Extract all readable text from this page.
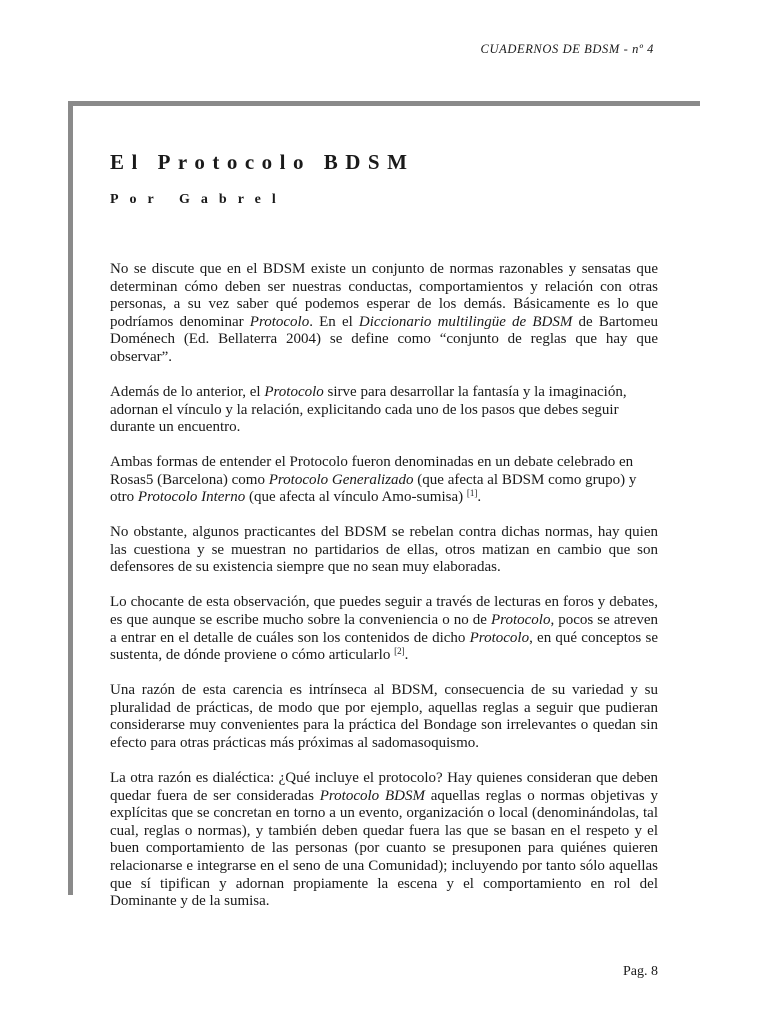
CUADERNOS DE BDSM - nº 4
El Protocolo BDSM
Por Gabrel

No se discute que en el BDSM existe un conjunto de normas razonables y sensatas que determinan cómo deben ser nuestras conductas, comportamientos y relación con otras personas, a su vez saber qué podemos esperar de los demás. Básicamente es lo que podríamos denominar Protocolo. En el Diccionario multilingüe de BDSM de Bartomeu Doménech (Ed. Bellaterra 2004) se define como “conjunto de reglas que hay que observar”.

Además de lo anterior, el Protocolo sirve para desarrollar la fantasía y la imaginación, adornan el vínculo y la relación, explicitando cada uno de los pasos que debes seguir durante un encuentro.

Ambas formas de entender el Protocolo fueron denominadas en un debate celebrado en Rosas5 (Barcelona) como Protocolo Generalizado (que afecta al BDSM como grupo) y otro Protocolo Interno (que afecta al vínculo Amo-sumisa) [1].

No obstante, algunos practicantes del BDSM se rebelan contra dichas normas, hay quien las cuestiona y se muestran no partidarios de ellas, otros matizan en cambio que son defensores de su existencia siempre que no sean muy elaboradas.

Lo chocante de esta observación, que puedes seguir a través de lecturas en foros y debates, es que aunque se escribe mucho sobre la conveniencia o no de Protocolo, pocos se atreven a entrar en el detalle de cuáles son los contenidos de dicho Protocolo, en qué conceptos se sustenta, de dónde proviene o cómo articularlo [2].

Una razón de esta carencia es intrínseca al BDSM, consecuencia de su variedad y su pluralidad de prácticas, de modo que por ejemplo, aquellas reglas a seguir que pudieran considerarse muy convenientes para la práctica del Bondage son irrelevantes o quedan sin efecto para otras prácticas más próximas al sadomasoquismo.

La otra razón es dialéctica: ¿Qué incluye el protocolo? Hay quienes consideran que deben quedar fuera de ser consideradas Protocolo BDSM aquellas reglas o normas objetivas y explícitas que se concretan en torno a un evento, organización o local (denominándolas, tal cual, reglas o normas), y también deben quedar fuera las que se basan en el respeto y el buen comportamiento de las personas (por cuanto se presuponen para quiénes quieren relacionarse e integrarse en el seno de una Comunidad); incluyendo por tanto sólo aquellas que sí tipifican y adornan propiamente la escena y el comportamiento en rol del Dominante y de la sumisa.

Pag. 8
